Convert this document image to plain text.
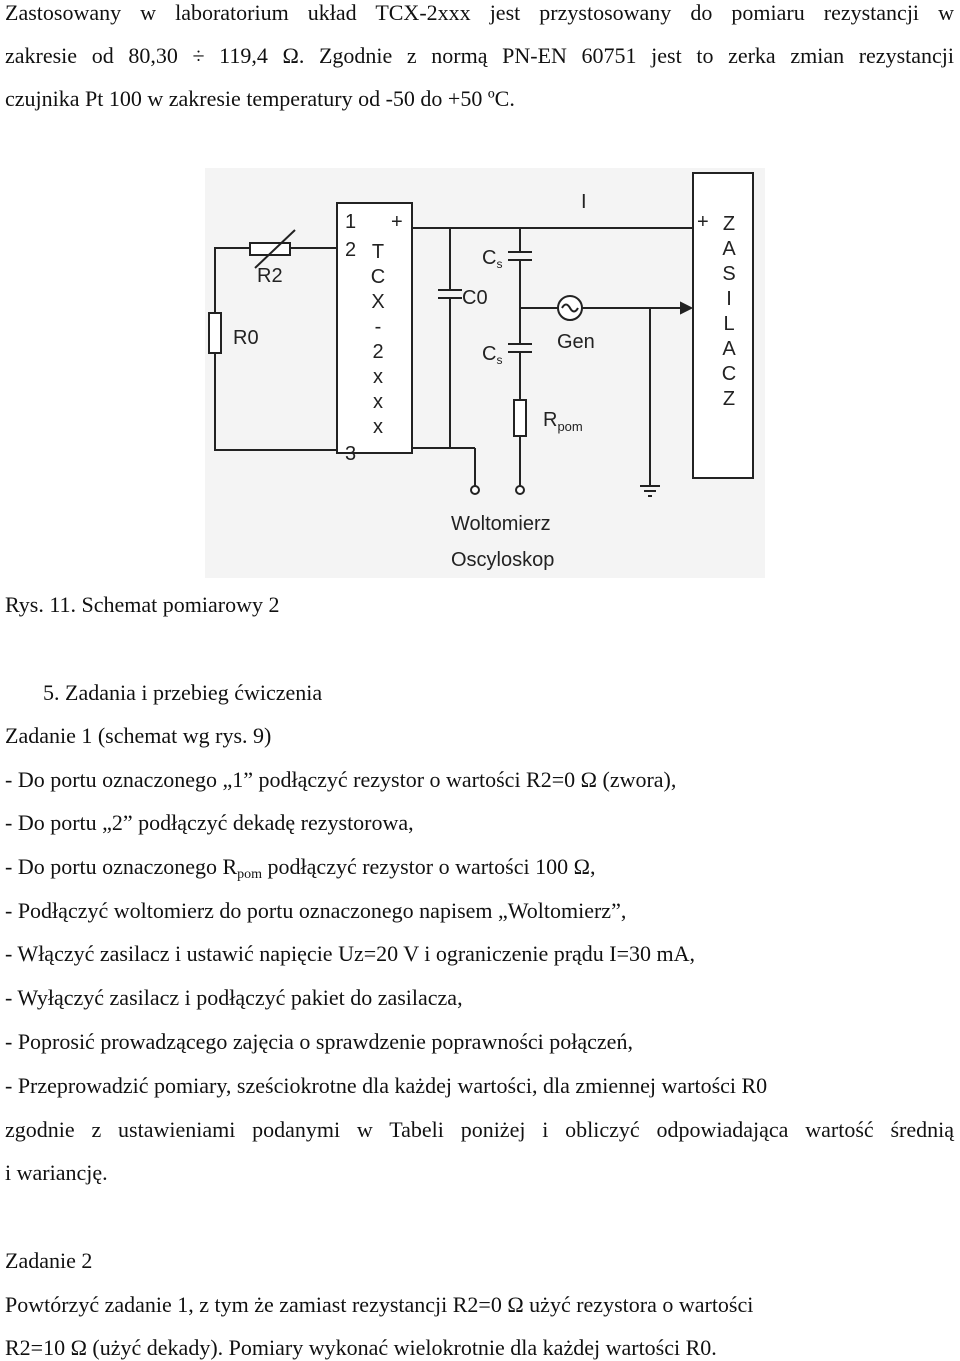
Zastosowany w laboratorium układ TCX-2xxx jest przystosowany do pomiaru rezystancji w
zakresie od 80,30 ÷ 119,4 Ω. Zgodnie z normą PN-EN 60751 jest to zerka zmian rezystancji
czujnika Pt 100 w zakresie temperatury od -50 do +50 ºC.
1
2
3
+	+
I
R2
R0
C0
$C_s$
$C_s$
Gen
$R_{pom}$
Woltomierz
Oscyloskop
T
C
X
-
2
x
x
x
Z
A
S
I
L
A
C
Z
Rys. 11. Schemat pomiarowy 2
5. Zadania i przebieg ćwiczenia
Zadanie 1 (schemat wg rys. 9)
- Do portu oznaczonego „1” podłączyć rezystor o wartości R2=0 Ω (zwora),
- Do portu „2” podłączyć dekadę rezystorowa,
- Do portu oznaczonego $R_{pom}$ podłączyć rezystor o wartości 100 Ω,
- Podłączyć woltomierz do portu oznaczonego napisem „Woltomierz”,
- Włączyć zasilacz i ustawić napięcie Uz=20 V i ograniczenie prądu I=30 mA,
- Wyłączyć zasilacz i podłączyć pakiet do zasilacza,
- Poprosić prowadzącego zajęcia o sprawdzenie poprawności połączeń,
- Przeprowadzić pomiary, sześciokrotne dla każdej wartości, dla zmiennej wartości R0
zgodnie z ustawieniami podanymi w Tabeli poniżej i obliczyć odpowiadająca wartość średnią
i wariancję.
Zadanie 2
Powtórzyć zadanie 1, z tym że zamiast rezystancji R2=0 Ω użyć rezystora o wartości
R2=10 Ω (użyć dekady). Pomiary wykonać wielokrotnie dla każdej wartości R0.
